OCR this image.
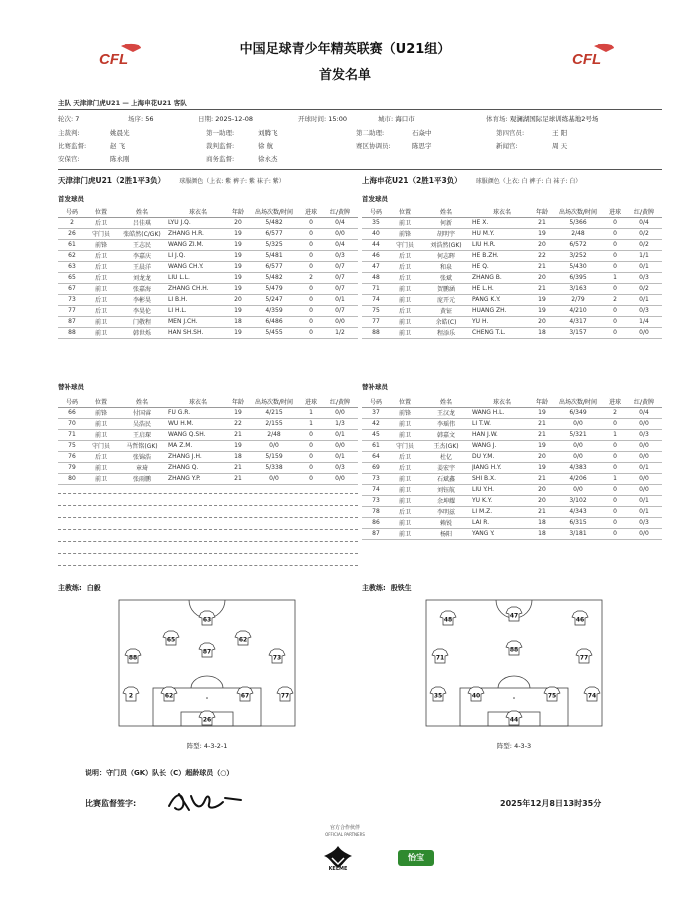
CFL	CFL
中国足球青少年精英联赛（U21组）
首发名单
主队 天津津门虎U21 — 上海申花U21 客队
轮次: 7	场序: 56	日期: 2025-12-08	开球时间: 15:00	城市: 海口市	体育场: 观澜湖国际足球训练基地2号场
主裁判:	姚晨光	第一助理:	刘腾飞	第二助理:	石焱中	第四官员:	王 阳
比赛监督:	赵 飞	裁判监督:	徐 航	赛区协调员:	陈思宇	新闻官:	周 天
安保官:	陈永刚	商务监督:	徐永杰
天津津门虎U21（2胜1平3负） 球服颜色（上衣: 紫 裤子: 紫 袜子: 紫）	上海申花U21（2胜1平3负） 球服颜色（上衣: 白 裤子: 白 袜子: 白）
首发球员	首发球员
号码	位置	姓名	球衣名	年龄	出场次数/时间	进球	红/黄牌
2	后卫	吕佳琪	LYU J.Q.	20	5/482	0	0/4
26	守门员	张皓然(C/GK)	ZHANG H.R.	19	6/577	0	0/0
61	前锋	王志民	WANG ZI.M.	19	5/325	0	0/4
62	后卫	李嘉庆	LI J.Q.	19	5/481	0	0/3
63	后卫	王晨洋	WANG CH.Y.	19	6/577	0	0/7
65	后卫	刘龙龙	LIU L.L.	19	5/482	2	0/7
67	前卫	张嘉海	ZHANG CH.H.	19	5/479	0	0/7
73	后卫	李彬昊	LI B.H.	20	5/247	0	0/1
77	后卫	李昊伦	LI H.L.	19	4/359	0	0/7
87	前卫	门敬程	MEN J.CH.	18	6/486	0	0/0
88	前卫	韩世烁	HAN SH.SH.	19	5/455	0	1/2
号码	位置	姓名	球衣名	年龄	出场次数/时间	进球	红/黄牌
35	前卫	何新	HE X.	21	5/366	0	0/4
40	前锋	胡明宇	HU M.Y.	19	2/48	0	0/2
44	守门员	刘浩然(GK)	LIU H.R.	20	6/572	0	0/2
46	后卫	何志晖	HE B.ZH.	22	3/252	0	1/1
47	后卫	和泉	HE Q.	21	5/430	0	0/1
48	后卫	张斌	ZHANG B.	20	6/395	1	0/3
71	前卫	贺鹏涵	HE L.H.	21	3/163	0	0/2
74	前卫	庞开元	PANG K.Y.	19	2/79	2	0/1
75	后卫	黄钲	HUANG ZH.	19	4/210	0	0/3
77	前卫	余皓(C)	YU H.	20	4/317	0	1/4
88	前卫	程添乐	CHENG T.L.	18	3/157	0	0/0
替补球员	替补球员
号码	位置	姓名	球衣名	年龄	出场次数/时间	进球	红/黄牌
66	前锋	付国睿	FU G.R.	19	4/215	1	0/0
70	前卫	吴浩民	WU H.M.	22	2/155	1	1/3
71	前卫	王启琛	WANG Q.SH.	21	2/48	0	0/1
75	守门员	马哲铭(GK)	MA Z.M.	19	0/0	0	0/0
76	后卫	张锦浩	ZHANG J.H.	18	5/159	0	0/1
79	前卫	章琦	ZHANG Q.	21	5/338	0	0/3
80	前卫	张雨鹏	ZHANG Y.P.	21	0/0	0	0/0
号码	位置	姓名	球衣名	年龄	出场次数/时间	进球	红/黄牌
37	前锋	王汉龙	WANG H.L.	19	6/349	2	0/4
42	前卫	李瑶伟	LI T.W.	21	0/0	0	0/0
45	前卫	韩嘉文	HAN J.W.	21	5/321	1	0/3
61	守门员	王杰(GK)	WANG J.	19	0/0	0	0/0
64	后卫	杜亿	DU Y.M.	20	0/0	0	0/0
69	后卫	姜宏宇	JIANG H.Y.	19	4/383	0	0/1
73	前卫	石斌鑫	SHI B.X.	21	4/206	1	0/0
74	前卫	刘钰航	LIU Y.H.	20	0/0	0	0/0
73	前卫	余坤耀	YU K.Y.	20	3/102	0	0/1
78	后卫	李明兹	LI M.Z.	21	4/343	0	0/1
86	前卫	赖锐	LAI R.	18	6/315	0	0/3
87	前卫	杨阳	YANG Y.	18	3/181	0	0/0
主教练: 白毅	主教练: 殷铁生
26
2	62	67	77
88
87
73
65	62
63
44
35	40	75	74
71
88
77
48
47
46
阵型: 4-3-2-1	阵型: 4-3-3
说明：守门员（GK）队长（C）超龄球员（○）
比赛监督签字:	2025年12月8日13时35分
官方合作伙伴
OFFICIAL PARTNERS
KELME
怡宝
